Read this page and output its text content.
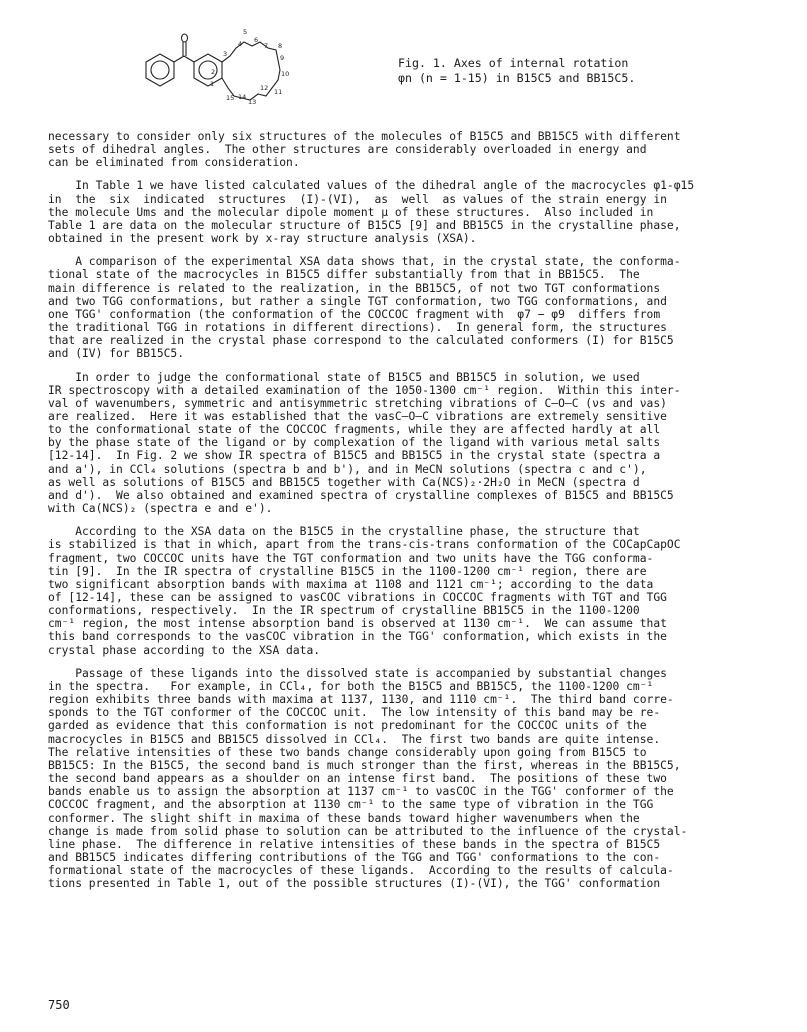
2
1
3
4
5
6
7 8
9
10
11
12
13
14
15
Fig. 1. Axes of internal rotation
φn (n = 1-15) in B15C5 and BB15C5.
necessary to consider only six structures of the molecules of B15C5 and BB15C5 with different
sets of dihedral angles.  The other structures are considerably overloaded in energy and
can be eliminated from consideration.
In Table 1 we have listed calculated values of the dihedral angle of the macrocycles φ1-φ15
in  the  six  indicated  structures  (I)-(VI),  as  well  as values of the strain energy in
the molecule Ums and the molecular dipole moment μ of these structures.  Also included in
Table 1 are data on the molecular structure of B15C5 [9] and BB15C5 in the crystalline phase,
obtained in the present work by x-ray structure analysis (XSA).
A comparison of the experimental XSA data shows that, in the crystal state, the conforma-
tional state of the macrocycles in B15C5 differ substantially from that in BB15C5.  The
main difference is related to the realization, in the BB15C5, of not two TGT conformations
and two TGG conformations, but rather a single TGT conformation, two TGG conformations, and
one TGG' conformation (the conformation of the COCCOC fragment with  φ7 − φ9  differs from
the traditional TGG in rotations in different directions).  In general form, the structures
that are realized in the crystal phase correspond to the calculated conformers (I) for B15C5
and (IV) for BB15C5.
In order to judge the conformational state of B15C5 and BB15C5 in solution, we used
IR spectroscopy with a detailed examination of the 1050-1300 cm⁻¹ region.  Within this inter-
val of wavenumbers, symmetric and antisymmetric stretching vibrations of C—O—C (νs and νas)
are realized.  Here it was established that the νasC—O—C vibrations are extremely sensitive
to the conformational state of the COCCOC fragments, while they are affected hardly at all
by the phase state of the ligand or by complexation of the ligand with various metal salts
[12-14].  In Fig. 2 we show IR spectra of B15C5 and BB15C5 in the crystal state (spectra a
and a'), in CCl₄ solutions (spectra b and b'), and in MeCN solutions (spectra c and c'),
as well as solutions of B15C5 and BB15C5 together with Ca(NCS)₂·2H₂O in MeCN (spectra d
and d').  We also obtained and examined spectra of crystalline complexes of B15C5 and BB15C5
with Ca(NCS)₂ (spectra e and e').
According to the XSA data on the B15C5 in the crystalline phase, the structure that
is stabilized is that in which, apart from the trans-cis-trans conformation of the COCapCapOC
fragment, two COCCOC units have the TGT conformation and two units have the TGG conforma-
tin [9].  In the IR spectra of crystalline B15C5 in the 1100-1200 cm⁻¹ region, there are
two significant absorption bands with maxima at 1108 and 1121 cm⁻¹; according to the data
of [12-14], these can be assigned to νasCOC vibrations in COCCOC fragments with TGT and TGG
conformations, respectively.  In the IR spectrum of crystalline BB15C5 in the 1100-1200
cm⁻¹ region, the most intense absorption band is observed at 1130 cm⁻¹.  We can assume that
this band corresponds to the νasCOC vibration in the TGG' conformation, which exists in the
crystal phase according to the XSA data.
Passage of these ligands into the dissolved state is accompanied by substantial changes
in the spectra.   For example, in CCl₄, for both the B15C5 and BB15C5, the 1100-1200 cm⁻¹
region exhibits three bands with maxima at 1137, 1130, and 1110 cm⁻¹.  The third band corre-
sponds to the TGT conformer of the COCCOC unit.  The low intensity of this band may be re-
garded as evidence that this conformation is not predominant for the COCCOC units of the
macrocycles in B15C5 and BB15C5 dissolved in CCl₄.  The first two bands are quite intense.
The relative intensities of these two bands change considerably upon going from B15C5 to
BB15C5: In the B15C5, the second band is much stronger than the first, whereas in the BB15C5,
the second band appears as a shoulder on an intense first band.  The positions of these two
bands enable us to assign the absorption at 1137 cm⁻¹ to νasCOC in the TGG' conformer of the
COCCOC fragment, and the absorption at 1130 cm⁻¹ to the same type of vibration in the TGG
conformer. The slight shift in maxima of these bands toward higher wavenumbers when the
change is made from solid phase to solution can be attributed to the influence of the crystal-
line phase.  The difference in relative intensities of these bands in the spectra of B15C5
and BB15C5 indicates differing contributions of the TGG and TGG' conformations to the con-
formational state of the macrocycles of these ligands.  According to the results of calcula-
tions presented in Table 1, out of the possible structures (I)-(VI), the TGG' conformation
750
